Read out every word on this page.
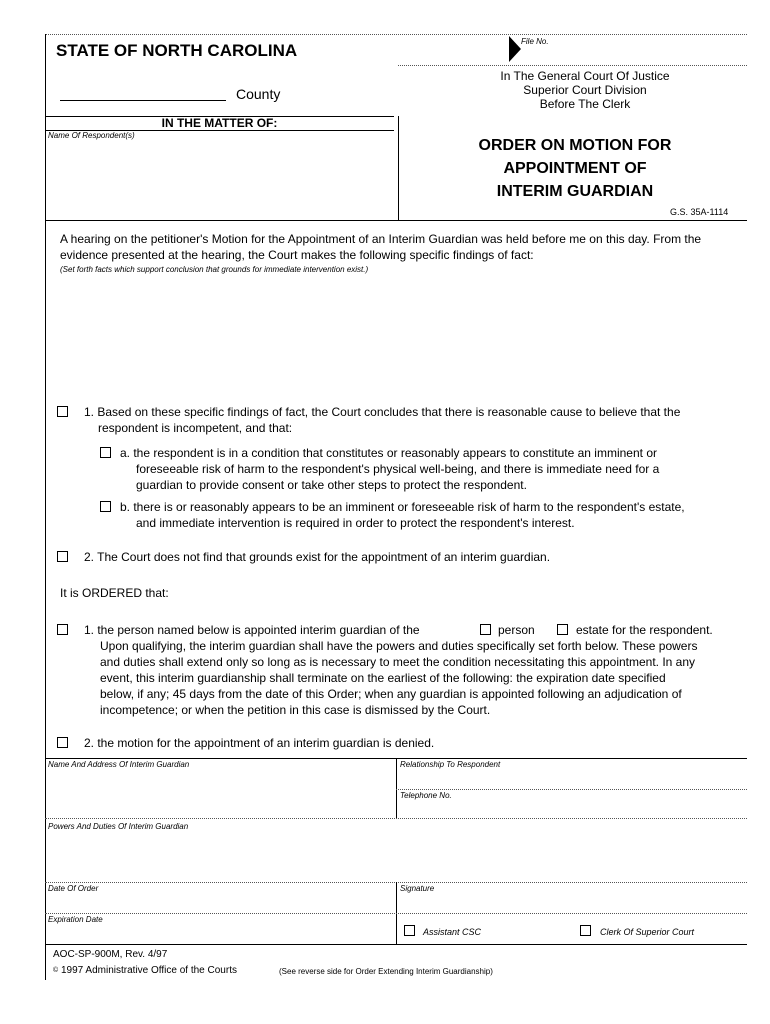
STATE OF NORTH CAROLINA	File No.
County
In The General Court Of Justice
Superior Court Division
Before The Clerk
IN THE MATTER OF:
Name Of Respondent(s)
ORDER ON MOTION FOR
APPOINTMENT OF
INTERIM GUARDIAN
G.S. 35A-1114
A hearing on the petitioner's Motion for the Appointment of an Interim Guardian was held before me on this day. From the
evidence presented at the hearing, the Court makes the following specific findings of fact:
(Set forth facts which support conclusion that grounds for immediate intervention exist.)
1. Based on these specific findings of fact, the Court concludes that there is reasonable cause to believe that the
respondent is incompetent, and that:
a. the respondent is in a condition that constitutes or reasonably appears to constitute an imminent or
foreseeable risk of harm to the respondent's physical well-being, and there is immediate need for a
guardian to provide consent or take other steps to protect the respondent.
b. there is or reasonably appears to be an imminent or foreseeable risk of harm to the respondent's estate,
and immediate intervention is required in order to protect the respondent's interest.
2. The Court does not find that grounds exist for the appointment of an interim guardian.
It is ORDERED that:
1. the person named below is appointed interim guardian of the	person	estate for the respondent.
Upon qualifying, the interim guardian shall have the powers and duties specifically set forth below. These powers
and duties shall extend only so long as is necessary to meet the condition necessitating this appointment. In any
event, this interim guardianship shall terminate on the earliest of the following: the expiration date specified
below, if any; 45 days from the date of this Order; when any guardian is appointed following an adjudication of
incompetence; or when the petition in this case is dismissed by the Court.
2. the motion for the appointment of an interim guardian is denied.
Name And Address Of Interim Guardian	Relationship To Respondent
Telephone No.
Powers And Duties Of Interim Guardian
Date Of Order	Signature
Expiration Date
Assistant CSC	Clerk Of Superior Court
AOC-SP-900M, Rev. 4/97
© 1997 Administrative Office of the Courts	(See reverse side for Order Extending Interim Guardianship)
